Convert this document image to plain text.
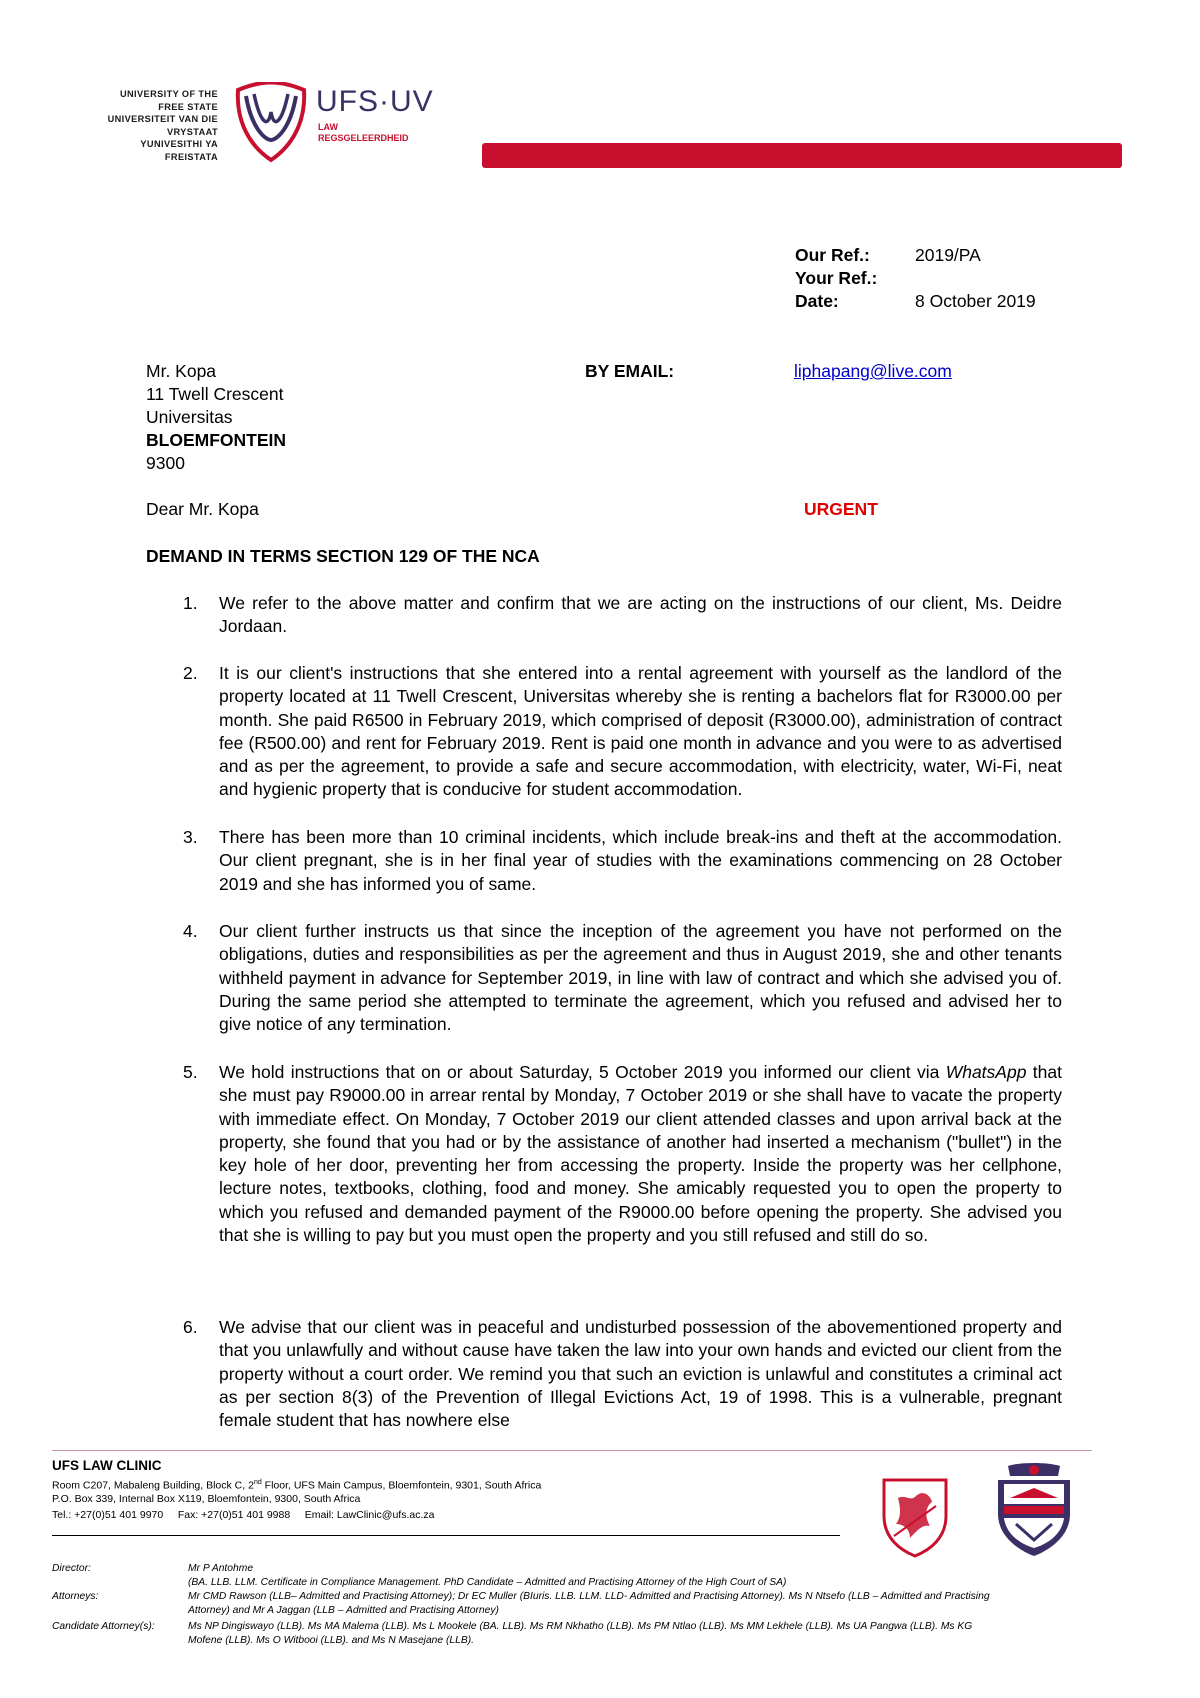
UNIVERSITY OF THE
FREE STATE
UNIVERSITEIT VAN DIE
VRYSTAAT
YUNIVESITHI YA
FREISTATA
UFS·UV
LAW
REGSGELEERDHEID
Our Ref.:	2019/PA
Your Ref.:
Date:	8 October 2019
Mr. Kopa
11 Twell Crescent
Universitas
BLOEMFONTEIN
9300
BY EMAIL:	liphapang@live.com
Dear Mr. Kopa	URGENT
DEMAND IN TERMS SECTION 129 OF THE NCA
1. We refer to the above matter and confirm that we are acting on the instructions of our client, Ms. Deidre Jordaan.
2. It is our client's instructions that she entered into a rental agreement with yourself as the landlord of the property located at 11 Twell Crescent, Universitas whereby she is renting a bachelors flat for R3000.00 per month. She paid R6500 in February 2019, which comprised of deposit (R3000.00), administration of contract fee (R500.00) and rent for February 2019. Rent is paid one month in advance and you were to as advertised and as per the agreement, to provide a safe and secure accommodation, with electricity, water, Wi-Fi, neat and hygienic property that is conducive for student accommodation.
3. There has been more than 10 criminal incidents, which include break-ins and theft at the accommodation. Our client pregnant, she is in her final year of studies with the examinations commencing on 28 October 2019 and she has informed you of same.
4. Our client further instructs us that since the inception of the agreement you have not performed on the obligations, duties and responsibilities as per the agreement and thus in August 2019, she and other tenants withheld payment in advance for September 2019, in line with law of contract and which she advised you of. During the same period she attempted to terminate the agreement, which you refused and advised her to give notice of any termination.
5. We hold instructions that on or about Saturday, 5 October 2019 you informed our client via WhatsApp that she must pay R9000.00 in arrear rental by Monday, 7 October 2019 or she shall have to vacate the property with immediate effect. On Monday, 7 October 2019 our client attended classes and upon arrival back at the property, she found that you had or by the assistance of another had inserted a mechanism ("bullet") in the key hole of her door, preventing her from accessing the property. Inside the property was her cellphone, lecture notes, textbooks, clothing, food and money. She amicably requested you to open the property to which you refused and demanded payment of the R9000.00 before opening the property. She advised you that she is willing to pay but you must open the property and you still refused and still do so.
6. We advise that our client was in peaceful and undisturbed possession of the abovementioned property and that you unlawfully and without cause have taken the law into your own hands and evicted our client from the property without a court order. We remind you that such an eviction is unlawful and constitutes a criminal act as per section 8(3) of the Prevention of Illegal Evictions Act, 19 of 1998. This is a vulnerable, pregnant female student that has nowhere else
UFS LAW CLINIC
Room C207, Mabaleng Building, Block C, 2nd Floor, UFS Main Campus, Bloemfontein, 9301, South Africa
P.O. Box 339, Internal Box X119, Bloemfontein, 9300, South Africa
Tel.: +27(0)51 401 9970 Fax: +27(0)51 401 9988 Email: LawClinic@ufs.ac.za
Director:	Mr P Antohme
(BA. LLB. LLM. Certificate in Compliance Management. PhD Candidate – Admitted and Practising Attorney of the High Court of SA)
Attorneys:	Mr CMD Rawson (LLB– Admitted and Practising Attorney); Dr EC Muller (BIuris. LLB. LLM. LLD- Admitted and Practising Attorney). Ms N Ntsefo (LLB – Admitted and Practising
Attorney) and Mr A Jaggan (LLB – Admitted and Practising Attorney)
Candidate Attorney(s):	Ms NP Dingiswayo (LLB). Ms MA Malema (LLB). Ms L Mookele (BA. LLB). Ms RM Nkhatho (LLB). Ms PM Ntlao (LLB). Ms MM Lekhele (LLB). Ms UA Pangwa (LLB). Ms KG
Mofene (LLB). Ms O Witbooi (LLB). and Ms N Masejane (LLB).
